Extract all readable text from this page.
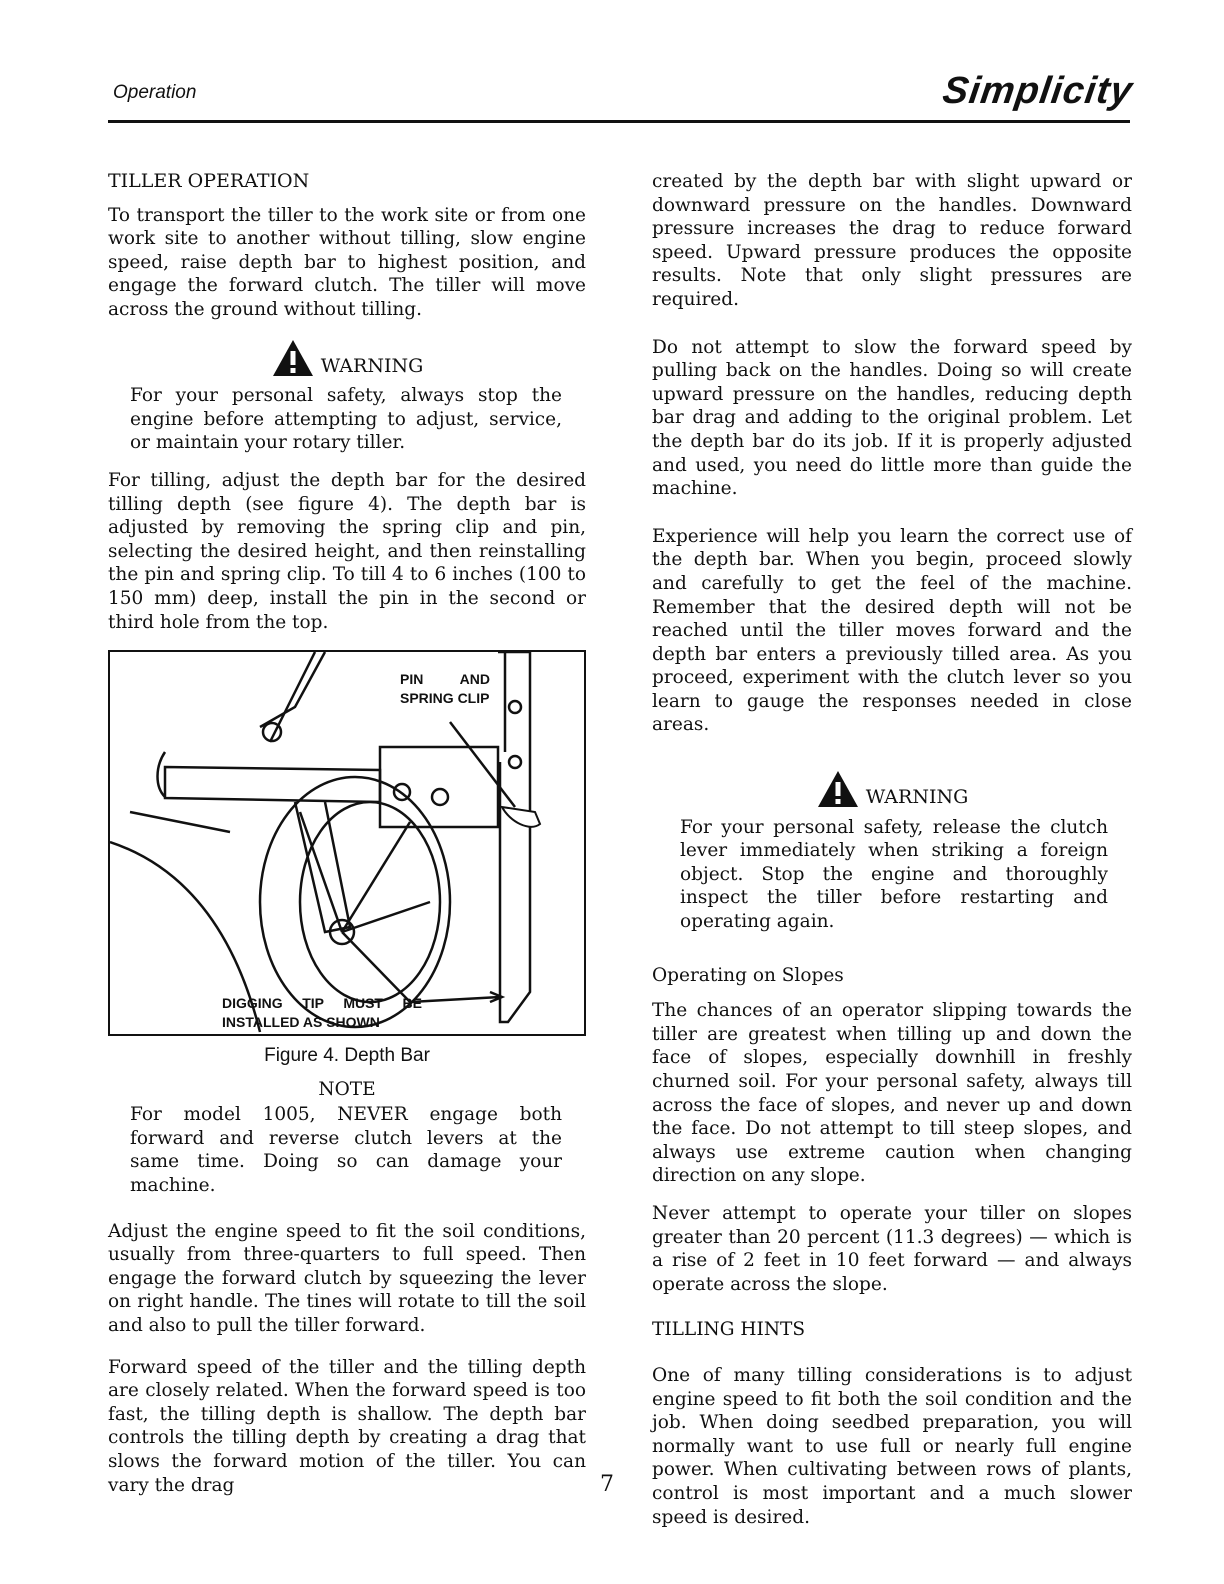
Operation	Simplicity
TILLER OPERATION

To transport the tiller to the work site or from one work site to another without tilling, slow engine speed, raise depth bar to highest position, and engage the forward clutch. The tiller will move across the ground without tilling.

WARNING

For your personal safety, always stop the engine before attempting to adjust, service, or maintain your rotary tiller.

For tilling, adjust the depth bar for the desired tilling depth (see figure 4). The depth bar is adjusted by removing the spring clip and pin, selecting the desired height, and then reinstalling the pin and spring clip. To till 4 to 6 inches (100 to 150 mm) deep, install the pin in the second or third hole from the top.

PIN AND SPRING CLIP
DIGGING TIP MUST BE INSTALLED AS SHOWN
Figure 4. Depth Bar
NOTE

For model 1005, NEVER engage both forward and reverse clutch levers at the same time. Doing so can damage your machine.

Adjust the engine speed to fit the soil conditions, usually from three-quarters to full speed. Then engage the forward clutch by squeezing the lever on right handle. The tines will rotate to till the soil and also to pull the tiller forward.

Forward speed of the tiller and the tilling depth are closely related. When the forward speed is too fast, the tilling depth is shallow. The depth bar controls the tilling depth by creating a drag that slows the forward motion of the tiller. You can vary the drag

created by the depth bar with slight upward or downward pressure on the handles. Downward pressure increases the drag to reduce forward speed. Upward pressure produces the opposite results. Note that only slight pressures are required.

Do not attempt to slow the forward speed by pulling back on the handles. Doing so will create upward pressure on the handles, reducing depth bar drag and adding to the original problem. Let the depth bar do its job. If it is properly adjusted and used, you need do little more than guide the machine.

Experience will help you learn the correct use of the depth bar. When you begin, proceed slowly and carefully to get the feel of the machine. Remember that the desired depth will not be reached until the tiller moves forward and the depth bar enters a previously tilled area. As you proceed, experiment with the clutch lever so you learn to gauge the responses needed in close areas.

WARNING

For your personal safety, release the clutch lever immediately when striking a foreign object. Stop the engine and thoroughly inspect the tiller before restarting and operating again.

Operating on Slopes

The chances of an operator slipping towards the tiller are greatest when tilling up and down the face of slopes, especially downhill in freshly churned soil. For your personal safety, always till across the face of slopes, and never up and down the face. Do not attempt to till steep slopes, and always use extreme caution when changing direction on any slope.

Never attempt to operate your tiller on slopes greater than 20 percent (11.3 degrees) — which is a rise of 2 feet in 10 feet forward — and always operate across the slope.

TILLING HINTS

One of many tilling considerations is to adjust engine speed to fit both the soil condition and the job. When doing seedbed preparation, you will normally want to use full or nearly full engine power. When cultivating between rows of plants, control is most important and a much slower speed is desired.

7
